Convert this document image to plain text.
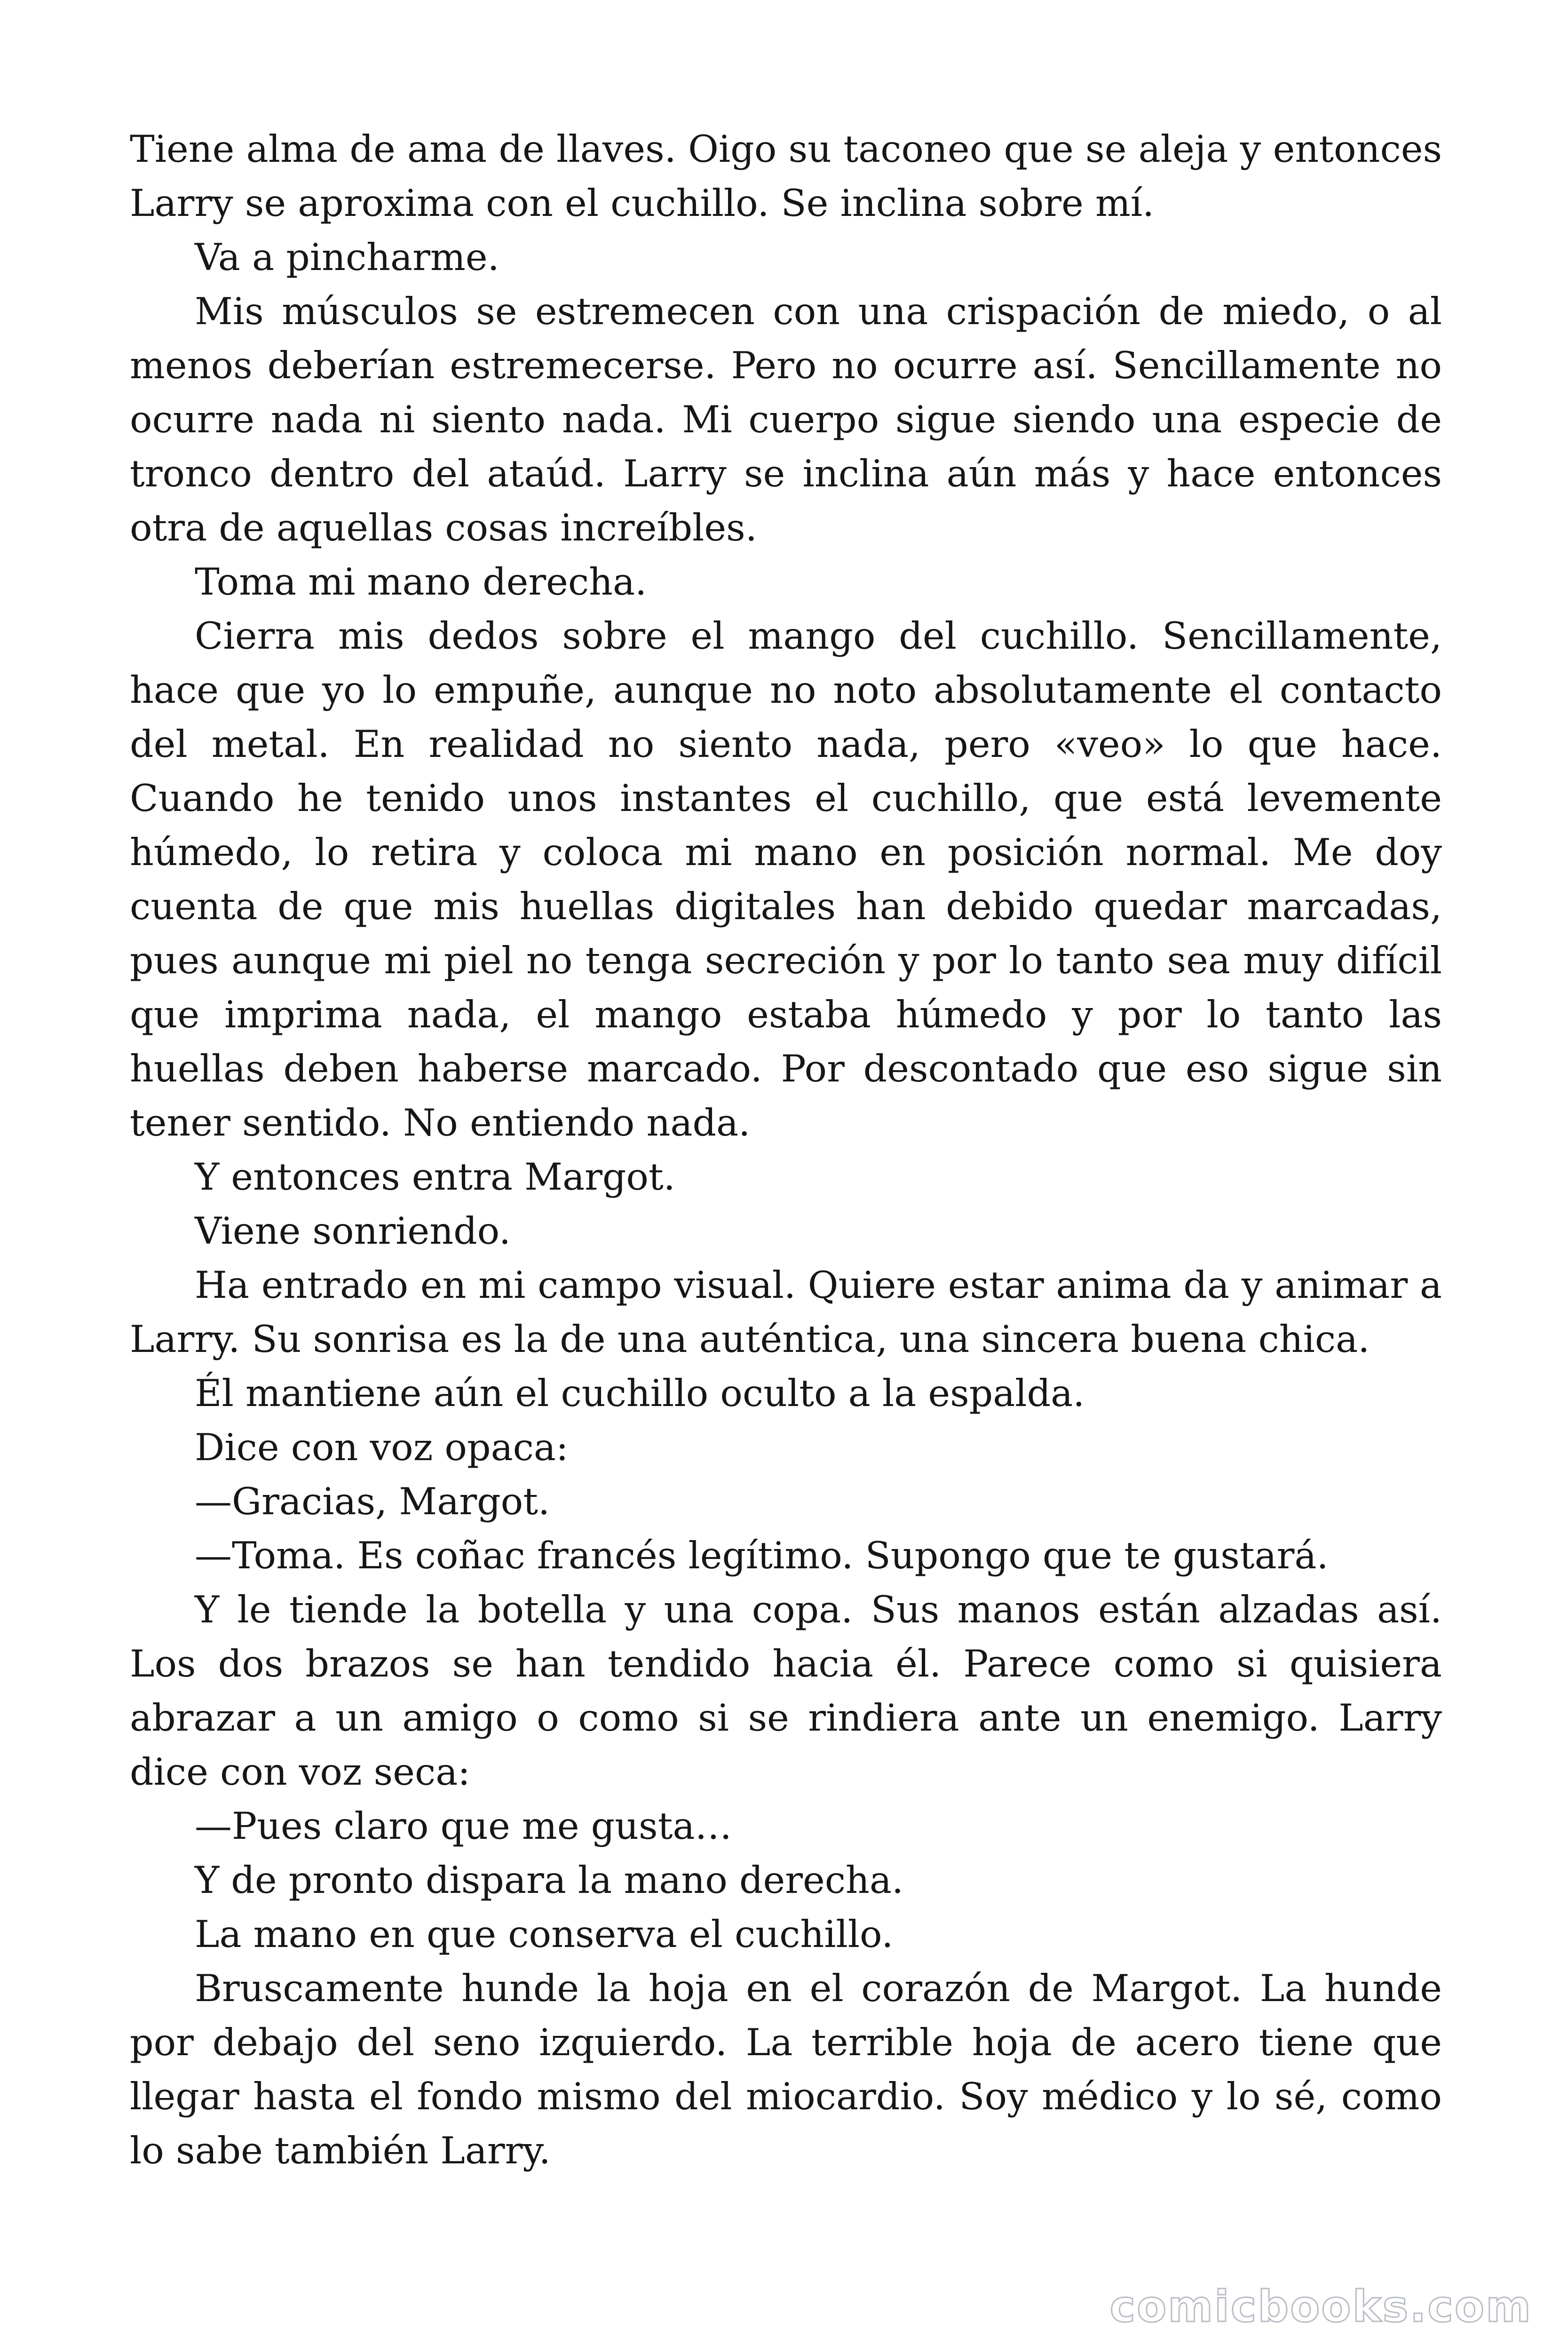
Tiene alma de ama de llaves. Oigo su taconeo que se aleja y entonces Larry se aproxima con el cuchillo. Se inclina sobre mí.

Va a pincharme.

Mis músculos se estremecen con una crispación de miedo, o al menos deberían estremecerse. Pero no ocurre así. Sencillamente no ocurre nada ni siento nada. Mi cuerpo sigue siendo una especie de tronco dentro del ataúd. Larry se inclina aún más y hace entonces otra de aquellas cosas increíbles.

Toma mi mano derecha.

Cierra mis dedos sobre el mango del cuchillo. Sencillamente, hace que yo lo empuñe, aunque no noto absolutamente el contacto del metal. En realidad no siento nada, pero «veo» lo que hace. Cuando he tenido unos instantes el cuchillo, que está levemente húmedo, lo retira y coloca mi mano en posición normal. Me doy cuenta de que mis huellas digitales han debido quedar marcadas, pues aunque mi piel no tenga secreción y por lo tanto sea muy difícil que imprima nada, el mango estaba húmedo y por lo tanto las huellas deben haberse marcado. Por descontado que eso sigue sin tener sentido. No entiendo nada.

Y entonces entra Margot.

Viene sonriendo.

Ha entrado en mi campo visual. Quiere estar anima da y animar a Larry. Su sonrisa es la de una auténtica, una sincera buena chica.

Él mantiene aún el cuchillo oculto a la espalda.

Dice con voz opaca:

—Gracias, Margot.

—Toma. Es coñac francés legítimo. Supongo que te gustará.

Y le tiende la botella y una copa. Sus manos están alzadas así. Los dos brazos se han tendido hacia él. Parece como si quisiera abrazar a un amigo o como si se rindiera ante un enemigo. Larry dice con voz seca:

—Pues claro que me gusta…

Y de pronto dispara la mano derecha.

La mano en que conserva el cuchillo.

Bruscamente hunde la hoja en el corazón de Margot. La hunde por debajo del seno izquierdo. La terrible hoja de acero tiene que llegar hasta el fondo mismo del miocardio. Soy médico y lo sé, como lo sabe también Larry.

comicbooks.com
